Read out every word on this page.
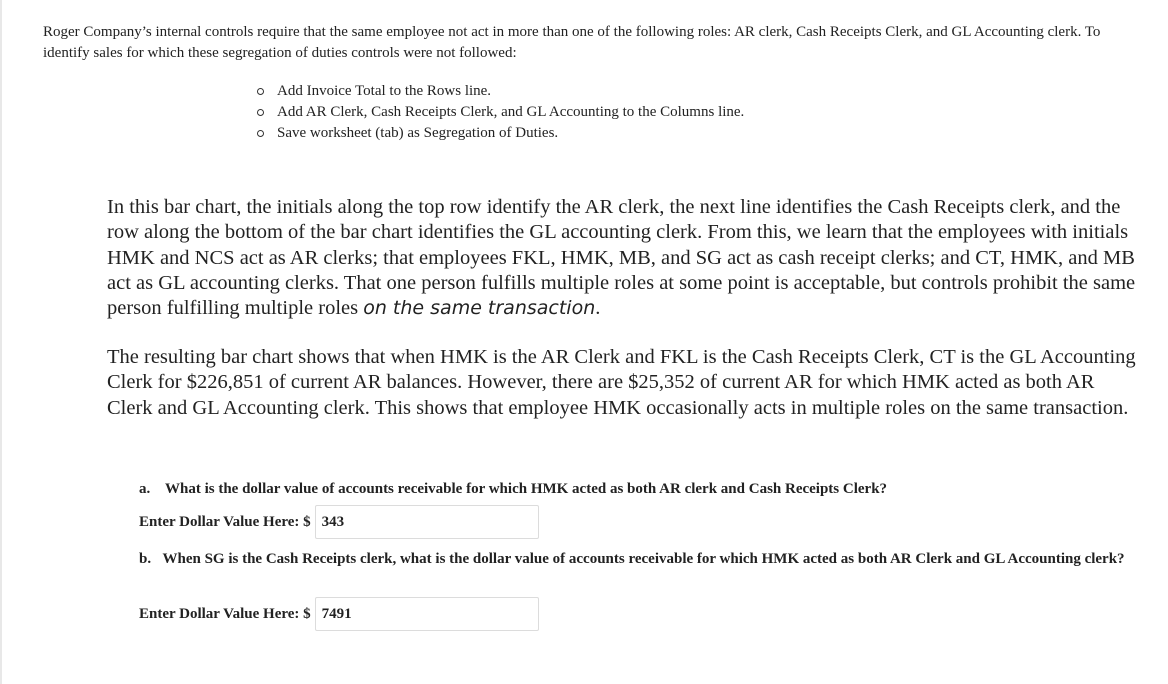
Roger Company’s internal controls require that the same employee not act in more than one of the following roles: AR clerk, Cash Receipts Clerk, and GL Accounting clerk. To identify sales for which these segregation of duties controls were not followed:

Add Invoice Total to the Rows line.
Add AR Clerk, Cash Receipts Clerk, and GL Accounting to the Columns line.
Save worksheet (tab) as Segregation of Duties.

In this bar chart, the initials along the top row identify the AR clerk, the next line identifies the Cash Receipts clerk, and the row along the bottom of the bar chart identifies the GL accounting clerk. From this, we learn that the employees with initials HMK and NCS act as AR clerks; that employees FKL, HMK, MB, and SG act as cash receipt clerks; and CT, HMK, and MB act as GL accounting clerks. That one person fulfills multiple roles at some point is acceptable, but controls prohibit the same person fulfilling multiple roles on the same transaction.

The resulting bar chart shows that when HMK is the AR Clerk and FKL is the Cash Receipts Clerk, CT is the GL Accounting Clerk for $226,851 of current AR balances. However, there are $25,352 of current AR for which HMK acted as both AR Clerk and GL Accounting clerk. This shows that employee HMK occasionally acts in multiple roles on the same transaction.

a. What is the dollar value of accounts receivable for which HMK acted as both AR clerk and Cash Receipts Clerk?

Enter Dollar Value Here: $
343

b. When SG is the Cash Receipts clerk, what is the dollar value of accounts receivable for which HMK acted as both AR Clerk and GL Accounting clerk?

Enter Dollar Value Here: $
7491
